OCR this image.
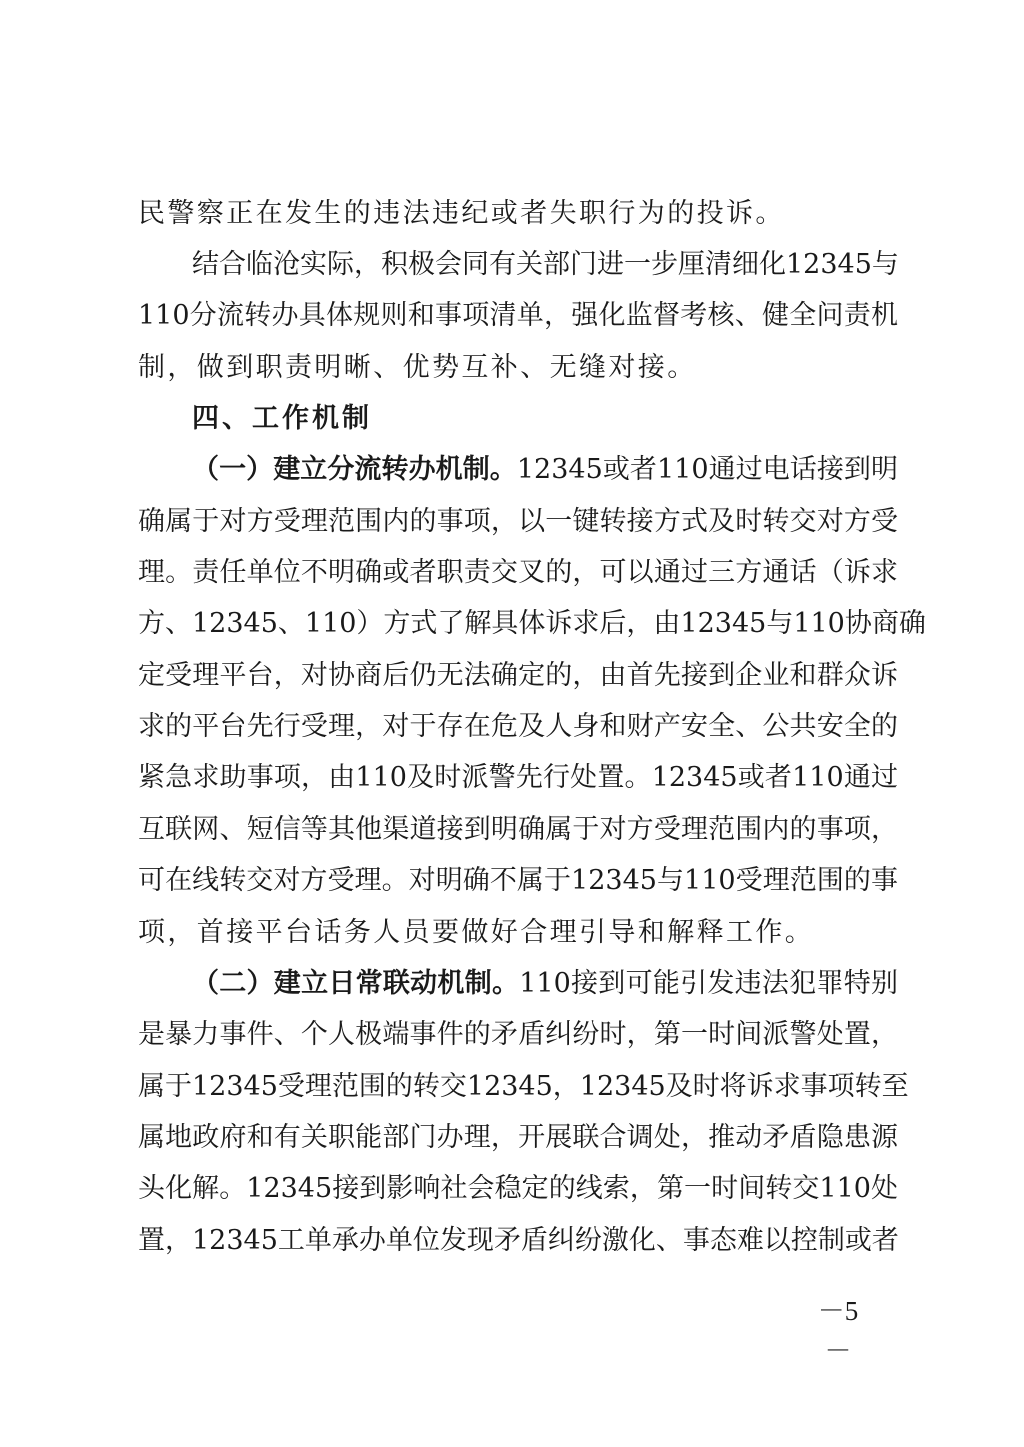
民警察正在发生的违法违纪或者失职行为的投诉。
结合临沧实际，积极会同有关部门进一步厘清细化12345与
110分流转办具体规则和事项清单，强化监督考核、健全问责机
制，做到职责明晰、优势互补、无缝对接。
四、工作机制
（一）建立分流转办机制。12345或者110通过电话接到明
确属于对方受理范围内的事项，以一键转接方式及时转交对方受
理。责任单位不明确或者职责交叉的，可以通过三方通话（诉求
方、12345、110）方式了解具体诉求后，由12345与110协商确
定受理平台，对协商后仍无法确定的，由首先接到企业和群众诉
求的平台先行受理，对于存在危及人身和财产安全、公共安全的
紧急求助事项，由110及时派警先行处置。12345或者110通过
互联网、短信等其他渠道接到明确属于对方受理范围内的事项，
可在线转交对方受理。对明确不属于12345与110受理范围的事
项，首接平台话务人员要做好合理引导和解释工作。
（二）建立日常联动机制。110接到可能引发违法犯罪特别
是暴力事件、个人极端事件的矛盾纠纷时，第一时间派警处置，
属于12345受理范围的转交12345，12345及时将诉求事项转至
属地政府和有关职能部门办理，开展联合调处，推动矛盾隐患源
头化解。12345接到影响社会稳定的线索，第一时间转交110处
置，12345工单承办单位发现矛盾纠纷激化、事态难以控制或者
－5－
